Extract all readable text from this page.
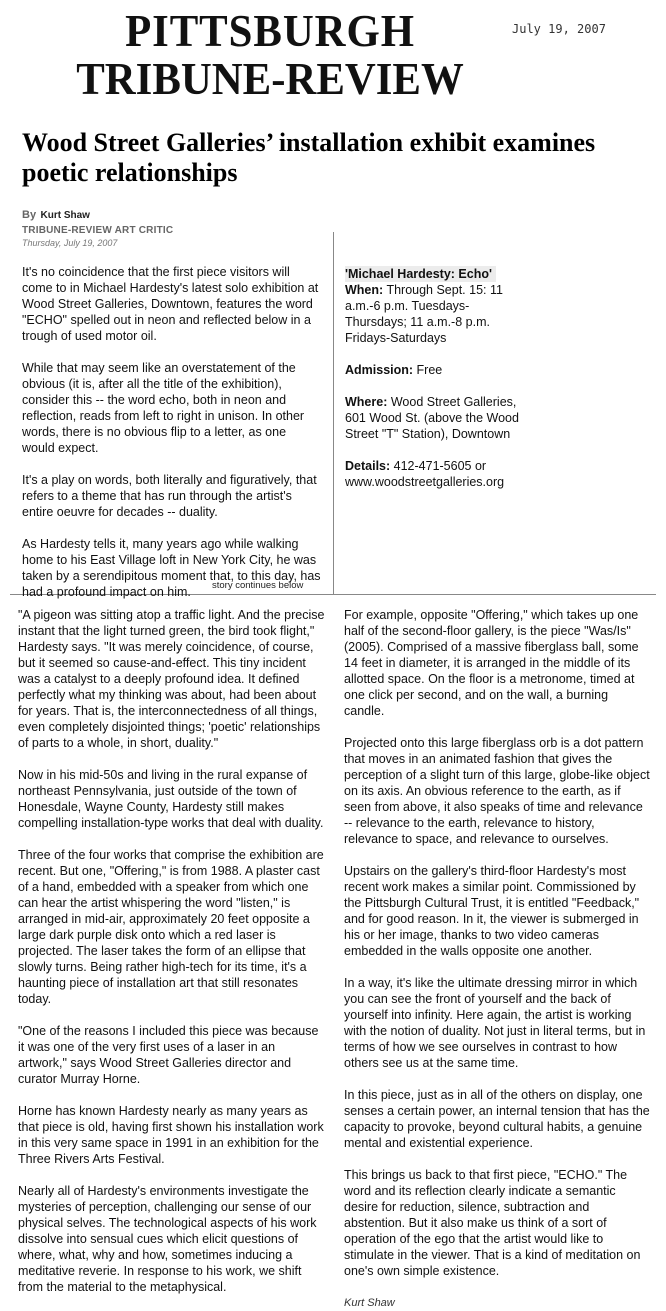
PITTSBURGH
TRIBUNE-REVIEW
July 19, 2007
Wood Street Galleries’ installation exhibit examines poetic relationships
By Kurt Shaw
TRIBUNE-REVIEW ART CRITIC
Thursday, July 19, 2007

It's no coincidence that the first piece visitors will come to in Michael Hardesty's latest solo exhibition at Wood Street Galleries, Downtown, features the word "ECHO" spelled out in neon and reflected below in a trough of used motor oil.

While that may seem like an overstatement of the obvious (it is, after all the title of the exhibition), consider this -- the word echo, both in neon and reflection, reads from left to right in unison. In other words, there is no obvious flip to a letter, as one would expect.

It's a play on words, both literally and figuratively, that refers to a theme that has run through the artist's entire oeuvre for decades -- duality.

As Hardesty tells it, many years ago while walking home to his East Village loft in New York City, he was taken by a serendipitous moment that, to this day, has had a profound impact on him.	story continues below

'Michael Hardesty: Echo'
When: Through Sept. 15: 11 a.m.-6 p.m. Tuesdays-Thursdays; 11 a.m.-8 p.m. Fridays-Saturdays

Admission: Free

Where: Wood Street Galleries, 601 Wood St. (above the Wood Street "T" Station), Downtown

Details: 412-471-5605 or www.woodstreetgalleries.org

"A pigeon was sitting atop a traffic light. And the precise instant that the light turned green, the bird took flight," Hardesty says. "It was merely coincidence, of course, but it seemed so cause-and-effect. This tiny incident was a catalyst to a deeply profound idea. It defined perfectly what my thinking was about, had been about for years. That is, the interconnectedness of all things, even completely disjointed things; 'poetic' relationships of parts to a whole, in short, duality."

Now in his mid-50s and living in the rural expanse of northeast Pennsylvania, just outside of the town of Honesdale, Wayne County, Hardesty still makes compelling installation-type works that deal with duality.

Three of the four works that comprise the exhibition are recent. But one, "Offering," is from 1988. A plaster cast of a hand, embedded with a speaker from which one can hear the artist whispering the word "listen," is arranged in mid-air, approximately 20 feet opposite a large dark purple disk onto which a red laser is projected. The laser takes the form of an ellipse that slowly turns. Being rather high-tech for its time, it's a haunting piece of installation art that still resonates today.

"One of the reasons I included this piece was because it was one of the very first uses of a laser in an artwork," says Wood Street Galleries director and curator Murray Horne.

Horne has known Hardesty nearly as many years as that piece is old, having first shown his installation work in this very same space in 1991 in an exhibition for the Three Rivers Arts Festival.

Nearly all of Hardesty's environments investigate the mysteries of perception, challenging our sense of our physical selves. The technological aspects of his work dissolve into sensual cues which elicit questions of where, what, why and how, sometimes inducing a meditative reverie. In response to his work, we shift from the material to the metaphysical.

For example, opposite "Offering," which takes up one half of the second-floor gallery, is the piece "Was/Is" (2005). Comprised of a massive fiberglass ball, some 14 feet in diameter, it is arranged in the middle of its allotted space. On the floor is a metronome, timed at one click per second, and on the wall, a burning candle.

Projected onto this large fiberglass orb is a dot pattern that moves in an animated fashion that gives the perception of a slight turn of this large, globe-like object on its axis. An obvious reference to the earth, as if seen from above, it also speaks of time and relevance -- relevance to the earth, relevance to history, relevance to space, and relevance to ourselves.

Upstairs on the gallery's third-floor Hardesty's most recent work makes a similar point. Commissioned by the Pittsburgh Cultural Trust, it is entitled "Feedback," and for good reason. In it, the viewer is submerged in his or her image, thanks to two video cameras embedded in the walls opposite one another.

In a way, it's like the ultimate dressing mirror in which you can see the front of yourself and the back of yourself into infinity. Here again, the artist is working with the notion of duality. Not just in literal terms, but in terms of how we see ourselves in contrast to how others see us at the same time.

In this piece, just as in all of the others on display, one senses a certain power, an internal tension that has the capacity to provoke, beyond cultural habits, a genuine mental and existential experience.

This brings us back to that first piece, "ECHO." The word and its reflection clearly indicate a semantic desire for reduction, silence, subtraction and abstention. But it also make us think of a sort of operation of the ego that the artist would like to stimulate in the viewer. That is a kind of meditation on one's own simple existence.

Kurt Shaw
